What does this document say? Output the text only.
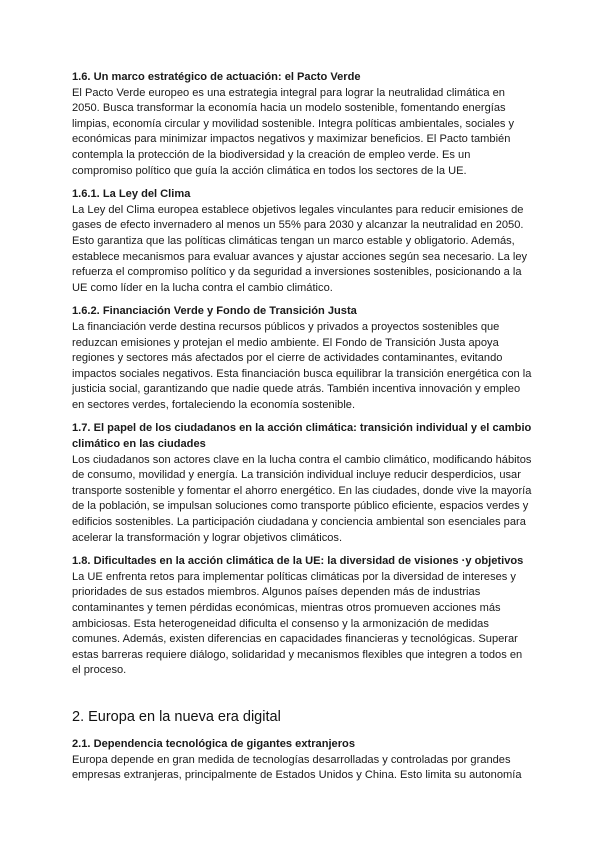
1.6. Un marco estratégico de actuación: el Pacto Verde

El Pacto Verde europeo es una estrategia integral para lograr la neutralidad climática en 2050. Busca transformar la economía hacia un modelo sostenible, fomentando energías limpias, economía circular y movilidad sostenible. Integra políticas ambientales, sociales y económicas para minimizar impactos negativos y maximizar beneficios. El Pacto también contempla la protección de la biodiversidad y la creación de empleo verde. Es un compromiso político que guía la acción climática en todos los sectores de la UE.

1.6.1. La Ley del Clima

La Ley del Clima europea establece objetivos legales vinculantes para reducir emisiones de gases de efecto invernadero al menos un 55% para 2030 y alcanzar la neutralidad en 2050. Esto garantiza que las políticas climáticas tengan un marco estable y obligatorio. Además, establece mecanismos para evaluar avances y ajustar acciones según sea necesario. La ley refuerza el compromiso político y da seguridad a inversiones sostenibles, posicionando a la UE como líder en la lucha contra el cambio climático.

1.6.2. Financiación Verde y Fondo de Transición Justa

La financiación verde destina recursos públicos y privados a proyectos sostenibles que reduzcan emisiones y protejan el medio ambiente. El Fondo de Transición Justa apoya regiones y sectores más afectados por el cierre de actividades contaminantes, evitando impactos sociales negativos. Esta financiación busca equilibrar la transición energética con la justicia social, garantizando que nadie quede atrás. También incentiva innovación y empleo en sectores verdes, fortaleciendo la economía sostenible.

1.7. El papel de los ciudadanos en la acción climática: transición individual y el cambio climático en las ciudades

Los ciudadanos son actores clave en la lucha contra el cambio climático, modificando hábitos de consumo, movilidad y energía. La transición individual incluye reducir desperdicios, usar transporte sostenible y fomentar el ahorro energético. En las ciudades, donde vive la mayoría de la población, se impulsan soluciones como transporte público eficiente, espacios verdes y edificios sostenibles. La participación ciudadana y conciencia ambiental son esenciales para acelerar la transformación y lograr objetivos climáticos.

1.8. Dificultades en la acción climática de la UE: la diversidad de visiones ·y objetivos

La UE enfrenta retos para implementar políticas climáticas por la diversidad de intereses y prioridades de sus estados miembros. Algunos países dependen más de industrias contaminantes y temen pérdidas económicas, mientras otros promueven acciones más ambiciosas. Esta heterogeneidad dificulta el consenso y la armonización de medidas comunes. Además, existen diferencias en capacidades financieras y tecnológicas. Superar estas barreras requiere diálogo, solidaridad y mecanismos flexibles que integren a todos en el proceso.

2. Europa en la nueva era digital

2.1. Dependencia tecnológica de gigantes extranjeros

Europa depende en gran medida de tecnologías desarrolladas y controladas por grandes empresas extranjeras, principalmente de Estados Unidos y China. Esto limita su autonomía
